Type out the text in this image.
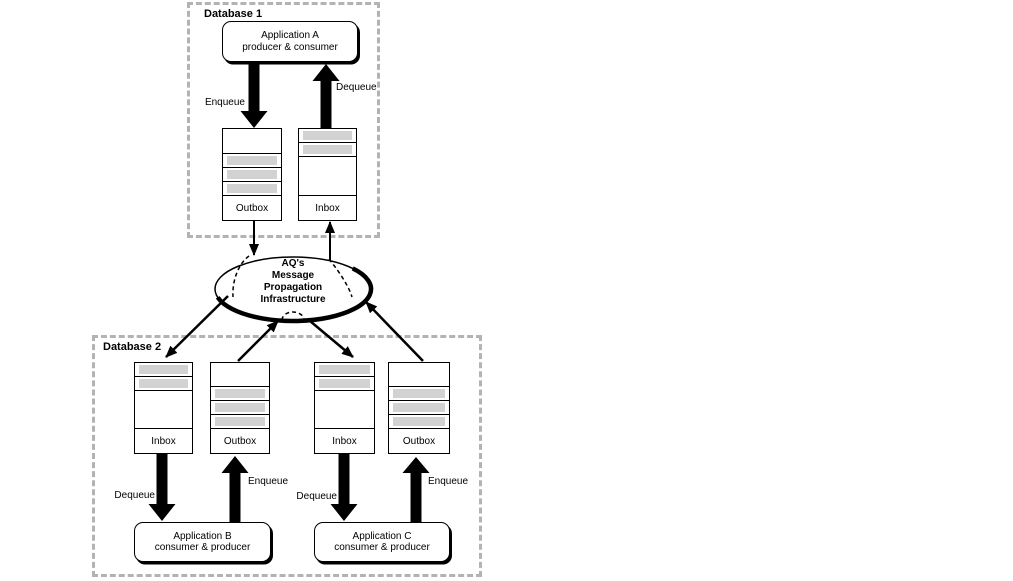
Database 1
Database 2
Application A
producer & consumer
Outbox	Inbox
Enqueue
Dequeue
AQ's
Message
Propagation
Infrastructure
Inbox	Outbox	Inbox	Outbox
Dequeue
Enqueue
Dequeue
Enqueue
Application B
consumer & producer
Application C
consumer & producer
